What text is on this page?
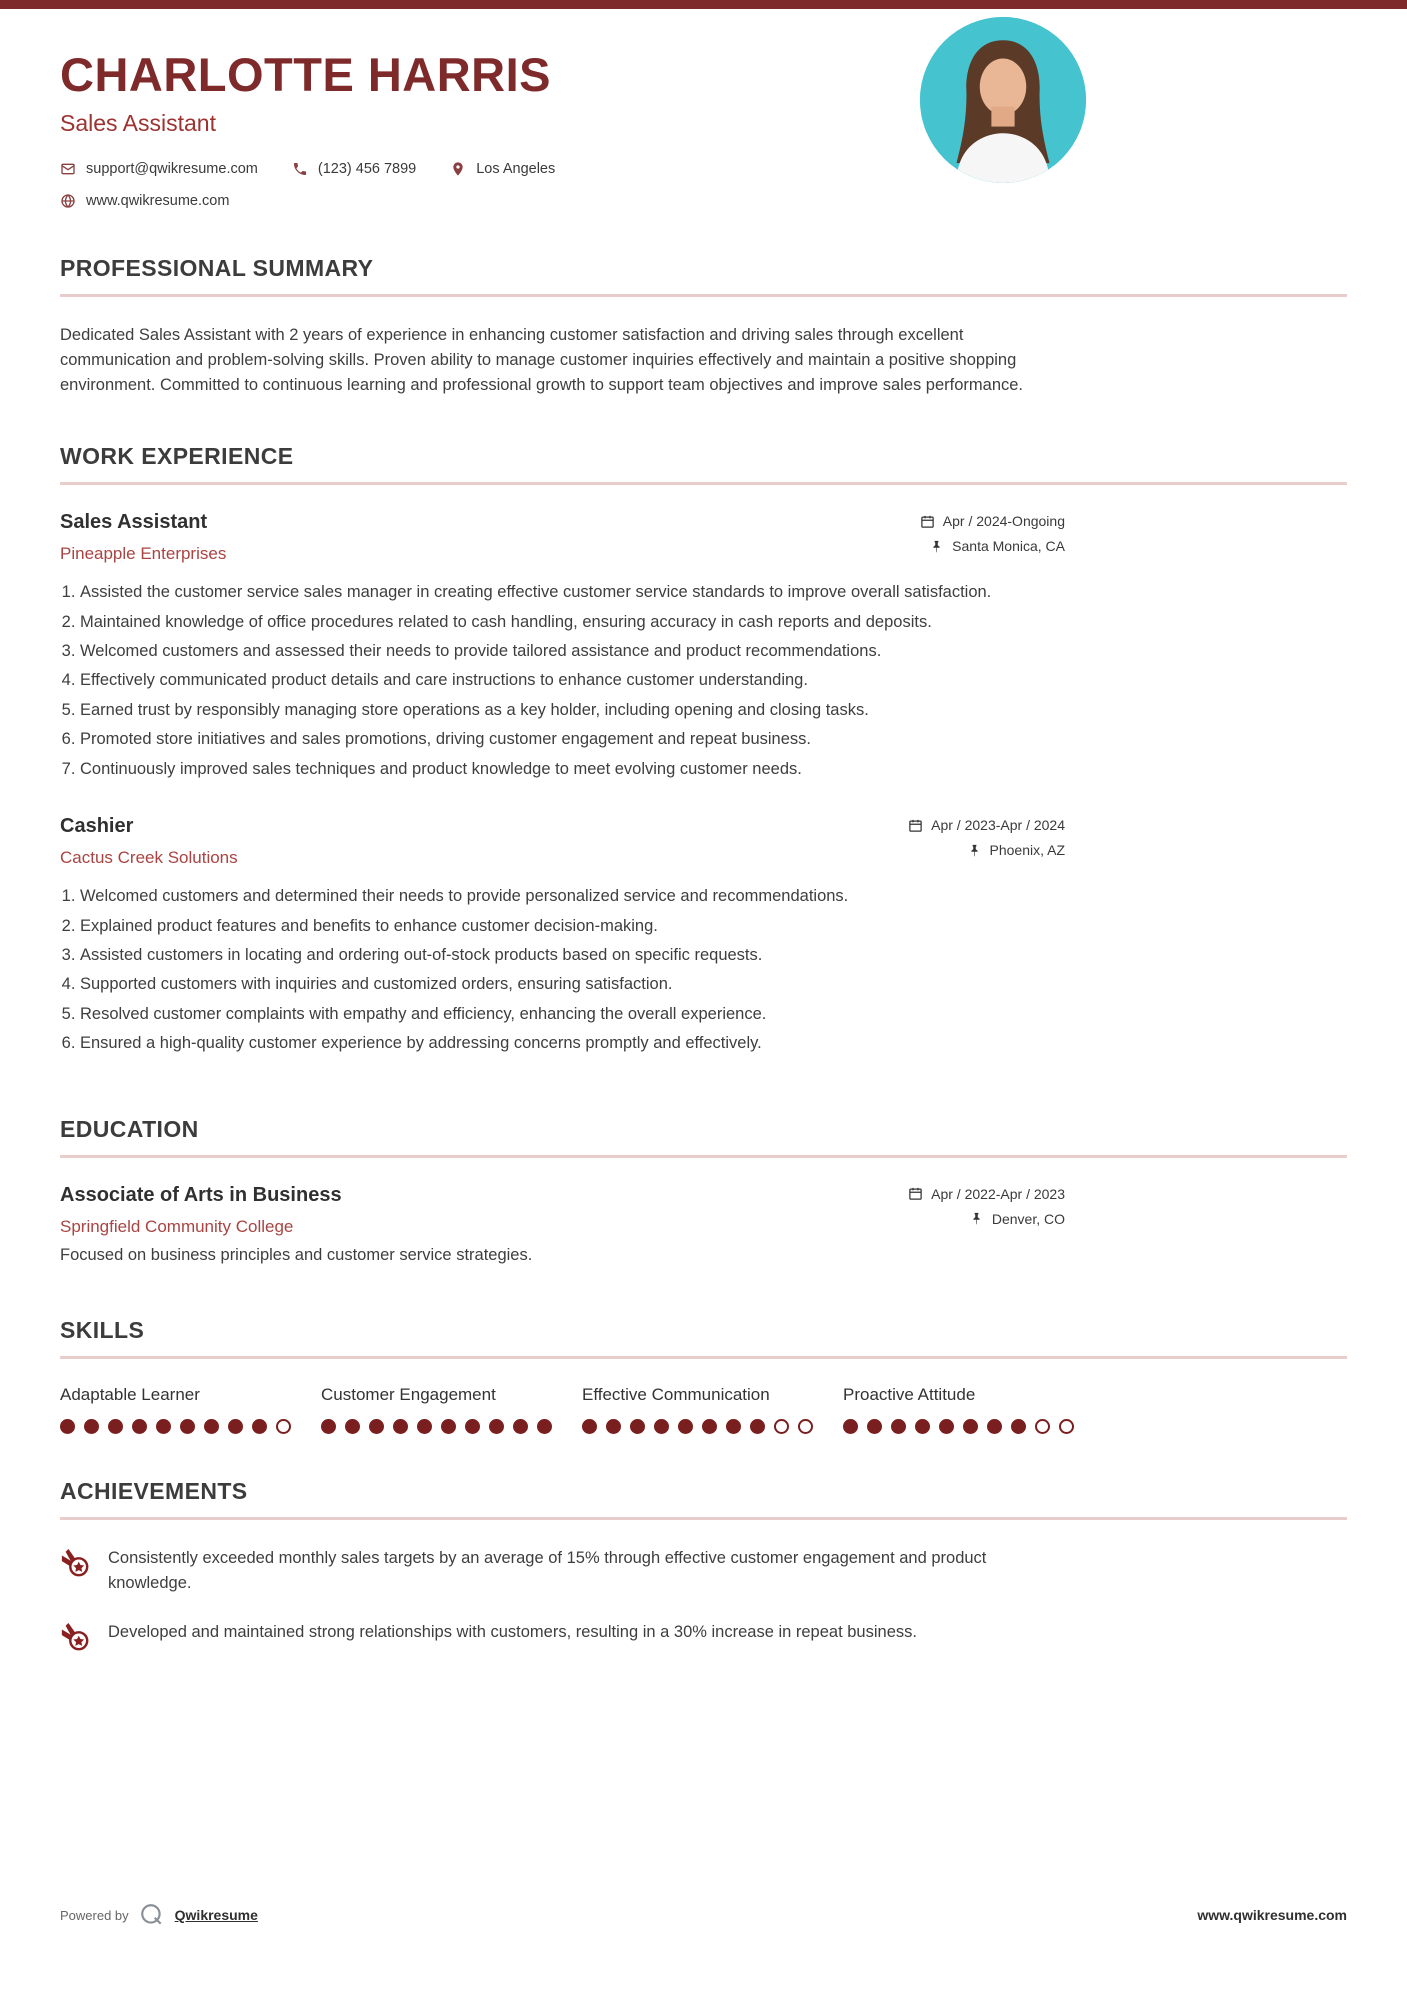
CHARLOTTE HARRIS
Sales Assistant
support@qwikresume.com	(123) 456 7899	Los Angeles
www.qwikresume.com
PROFESSIONAL SUMMARY

Dedicated Sales Assistant with 2 years of experience in enhancing customer satisfaction and driving sales through excellent communication and problem-solving skills. Proven ability to manage customer inquiries effectively and maintain a positive shopping environment. Committed to continuous learning and professional growth to support team objectives and improve sales performance.

WORK EXPERIENCE
Sales Assistant
Pineapple Enterprises
Apr / 2024-Ongoing
Santa Monica, CA
1. Assisted the customer service sales manager in creating effective customer service standards to improve overall satisfaction.
2. Maintained knowledge of office procedures related to cash handling, ensuring accuracy in cash reports and deposits.
3. Welcomed customers and assessed their needs to provide tailored assistance and product recommendations.
4. Effectively communicated product details and care instructions to enhance customer understanding.
5. Earned trust by responsibly managing store operations as a key holder, including opening and closing tasks.
6. Promoted store initiatives and sales promotions, driving customer engagement and repeat business.
7. Continuously improved sales techniques and product knowledge to meet evolving customer needs.
Cashier
Cactus Creek Solutions
Apr / 2023-Apr / 2024
Phoenix, AZ
1. Welcomed customers and determined their needs to provide personalized service and recommendations.
2. Explained product features and benefits to enhance customer decision-making.
3. Assisted customers in locating and ordering out-of-stock products based on specific requests.
4. Supported customers with inquiries and customized orders, ensuring satisfaction.
5. Resolved customer complaints with empathy and efficiency, enhancing the overall experience.
6. Ensured a high-quality customer experience by addressing concerns promptly and effectively.
EDUCATION
Associate of Arts in Business
Springfield Community College
Apr / 2022-Apr / 2023
Denver, CO

Focused on business principles and customer service strategies.

SKILLS
Adaptable Learner	Customer Engagement	Effective Communication	Proactive Attitude
ACHIEVEMENTS

Consistently exceeded monthly sales targets by an average of 15% through effective customer engagement and product knowledge.

Developed and maintained strong relationships with customers, resulting in a 30% increase in repeat business.

Powered by	Qwikresume	www.qwikresume.com
